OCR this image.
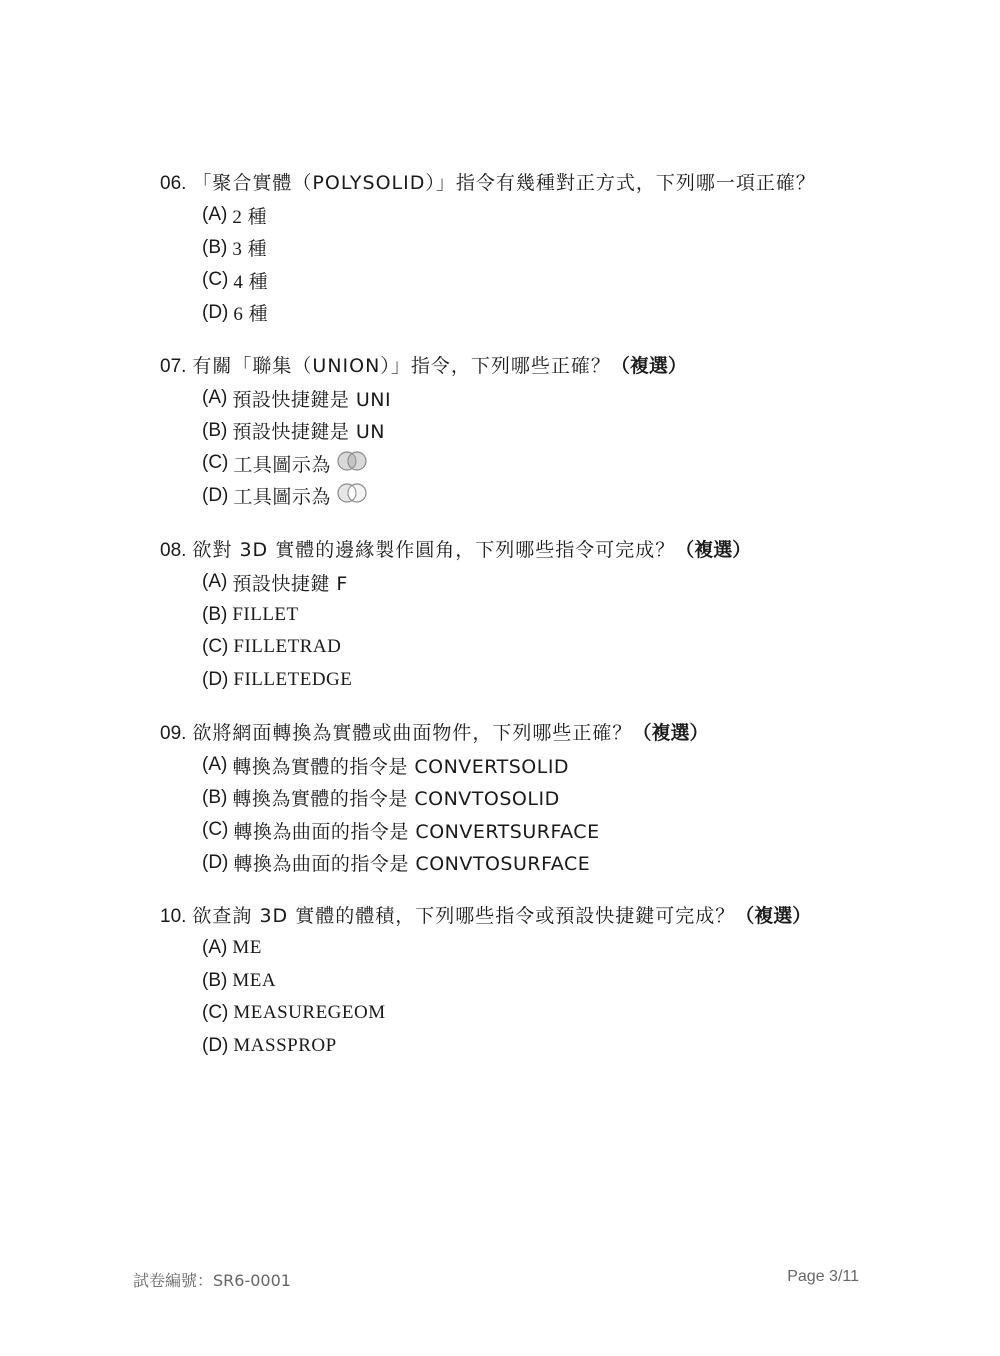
06. 「聚合實體（POLYSOLID）」指令有幾種對正方式，下列哪一項正確？
(A) 2 種
(B) 3 種
(C) 4 種
(D) 6 種
07. 有關「聯集（UNION）」指令，下列哪些正確？ （複選）
(A) 預設快捷鍵是 UNI
(B) 預設快捷鍵是 UN
(C) 工具圖示為
(D) 工具圖示為
08. 欲對 3D 實體的邊緣製作圓角，下列哪些指令可完成？ （複選）
(A) 預設快捷鍵 F
(B) FILLET
(C) FILLETRAD
(D) FILLETEDGE
09. 欲將網面轉換為實體或曲面物件，下列哪些正確？ （複選）
(A) 轉換為實體的指令是 CONVERTSOLID
(B) 轉換為實體的指令是 CONVTOSOLID
(C) 轉換為曲面的指令是 CONVERTSURFACE
(D) 轉換為曲面的指令是 CONVTOSURFACE
10. 欲查詢 3D 實體的體積，下列哪些指令或預設快捷鍵可完成？ （複選）
(A) ME
(B) MEA
(C) MEASUREGEOM
(D) MASSPROP
試卷編號：SR6-0001	Page 3/11
